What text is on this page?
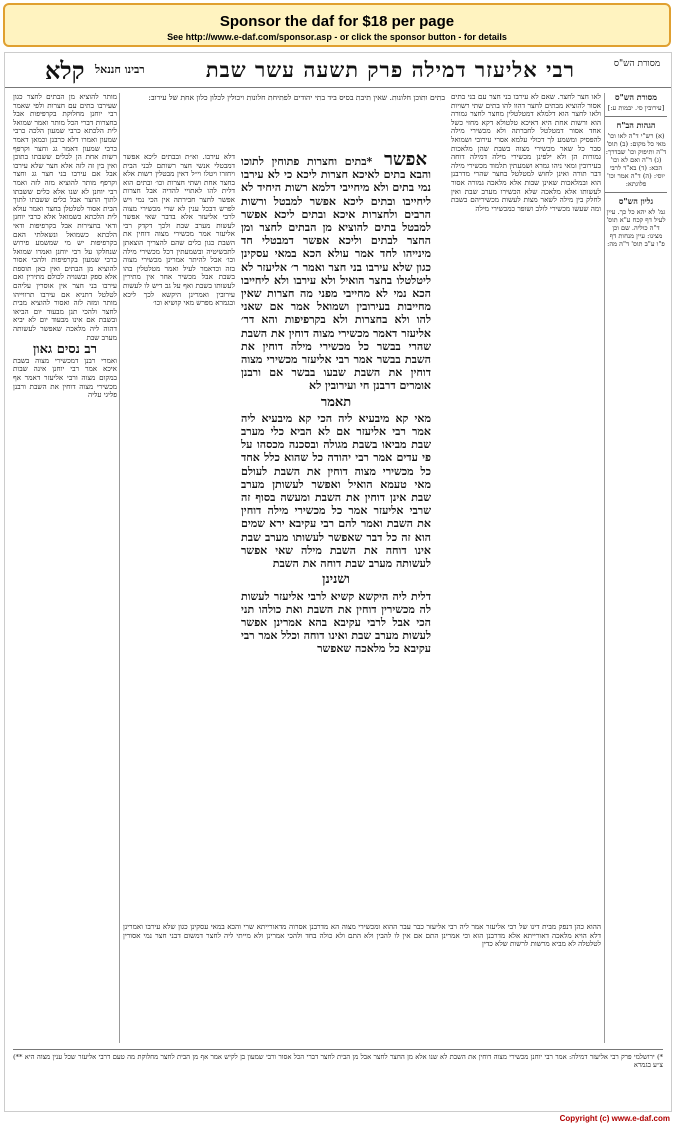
Sponsor the daf for $18 per page
See http://www.e-daf.com/sponsor.asp - or click the sponsor button - for details
מסורת הש"ס
רבי אליעזר דמילה פרק תשעה עשר שבת
רבינו חננאל
קלא
מותר להוציא מן הבתים לחצר כגון שעירבו בתים עם חצרות ולפי שאמר רבי יוחנן מחלוקת בקרפיפות אבל בחצרות דברי הכל מותר ואמר שמואל לית הלכתא כרבי שמעון הלכה כרבי שמעון ואמרו דלא כרבנן וכמאן דאמר כרבי שמעון דאמר גג וחצר וקרפף רשות אחת הן לכלים ששבתו בתוכן ואין בין זה לזה אלא חצר שלא עירבו אבל אם עירבו בני חצר גג וחצר וקרפף מותר להוציא מזה לזה ואמר רבי יוחנן לא שנו אלא כלים ששבתו לתוך החצר אבל כלים ששבתו לתוך הבית אסור לטלטלן בחצר ואמר עולא לית הלכתא כשמואל אלא כרבי יוחנן ודאי בחצירות אבל בקרפיפות ודאי הלכתא כשמואל ונשאלתי האם בקרפיפות יש מי שמשמע פירוש שנחלקו על רבי יוחנן ואמרו שמואל כרבי שמעון בקרפיפות ולהכי אסור להוציא מן הבתים ואין כאן תוספת אלא ספק ובשנויה לכולם מתירין ואם עירבו בני חצר אין אוסרין עליהם לטלטל דתניא אם עירבו תרווייהו מותר ומזה לזה ואסור להוציא מבית לחצר ולהכי תנן מבעוד יום הביאו ובשבת אם אינו מבעוד יום לא יביא דהוה ליה מלאכה שאפשר לעשותה מערב שבת
רב נסים גאון
ואמרי רבנן דמכשירי מצוה בשבת איכא אמר רבי יוחנן אינה שבות במקום מצוה ורבי אליעזר דאמר אף מכשירי מצוה דוחין את השבת ורבנן פליגי עליה
בתים ותוכן חלונות. שאין תיבת בסיס ביד בתי יהודים לפתיחת חלונות ויכולין לכלון כלון אחת של עירוב:
דלא עירבו. וא״ת ובבתים ליכא אפשר דמבטלי אנשי חצר רשותם לבני הבית ויחזרו ויטלו וי״ל דאין מבטלין רשות אלא בחצר אחת ושתי חצרות וכו׳ ובתים הוא דלית להו לאתויי להדיה אבל חצרות אפשר לחצר חבירתה אין הכי נמי ויש לפרש דבכל ענין לא שרי מכשירי מצוה לרבי אליעזר אלא בדבר שאי אפשר לעשות מערב שבת ולכך דקדק רבי אליעזר אמר מכשירי מצוה דוחין את השבת כגון כלים שהם להצריך הוצאתן לתכשיטיה ובשמעתין דכל מכשירי מילה וכו׳ אבל להיתר אמרינן מכשירי מצוה בזה וכדאמר לעיל ואמר מטלטלין בהו בשבת אבל מכשיר אחר אין מתירין לעשותו בשבת ואף על גב דיש לו לעשות עירובין ואמרינן היקשא לכך ליכא ובגמרא מפרש מאי קושיא וכו׳
אפשר *בתים וחצרות פתוחין לתוכו והבא בתים לאיכא חצרות ליכא כי לא עירבו נמי בתים ולא מיחייבי דלמא רשות היחיד לא ליחייבו ובתים ליכא אפשר למבטל ורשות הרבים ולחצרות איכא ובתים ליכא אפשר למבטל בתים להוציא מן הבתים לחצר ומן החצר לבתים וליכא אפשר דמבטלי חד מינייהו לחד אמר עולא הכא במאי עסקינן כגון שלא עירבו בני חצר ואמר ר׳ אליעזר לא ליטלטלו בחצר הואיל ולא עירבו ולא ליחייבו הכא נמי לא מחייבי מפני מה חצרות שאין מחייבות בעירובין ושמואל אמר אם שאני להו ולא בחצרות ולא בקרפיפות והא דר׳ אליעזר דאמר מכשירי מצוה דוחין את השבת שהרי בבשר כל מכשירי מילה דוחין את השבת בבשר אמר רבי אליעזר מכשירי מצוה דוחין את השבת שבעו בבשר אם ורבנן אומרים דרבנן חי ועירובין לא
תאמר
מאי קא מיבעיא ליה הכי קא מיבעיא ליה אמר רבי אליעזר אם לא הביא כלי מערב שבת מביאו בשבת מגולה ובסכנה מכסהו על פי עדים אמר רבי יהודה כל שהוא כלל אחד כל מכשירי מצוה דוחין את השבת לעולם מאי טעמא הואיל ואפשר לעשותן מערב שבת אינן דוחין את השבת ומעשה בסוף זה שרבי אליעזר אמר כל מכשירי מילה דוחין את השבת ואמר להם רבי עקיבא ירא שמים הוא זה כל דבר שאפשר לעשותו מערב שבת אינו דוחה את השבת מילה שאי אפשר לעשותה מערב שבת דוחה את השבת
ושנינן
דלית ליה היקשא קשיא לרבי אליעזר לעשות לה מכשירין דוחין את השבת ואת כולהו תני הכי אבל לרבי עקיבא בהא אמרינן אפשר לעשות מערב שבת ואינו דוחה וכלל אמר רבי עקיבא כל מלאכה שאפשר
לאו חצר לחצר. שאם לא עירבו בני חצר עם בני בתים אסור להוציא מבתים לחצר דהוו להו בתים שתי רשויות ולאו לחצר הוא דלמלא דמטלטלין מחצר לחצר גמורה הוא ורשות אחת היא דאיכא טלטולא דקא מחזי כשל אחד אסור דמטלטל לחברתה ולא מכשירי מילה להפסיק ומשמע לך דכולי עלמא אסרי עירובי ושמואל סבר כל שאר מכשירי מצוה בשבת שהן מלאכות גמורות הן ולא ילפינן מכשירי מילה דמילה דוחה בעירובין ומאי ניהו גמרא ושמעתין תלמוד מכשירי מילה דבר תורה ואינן לחוש למטלטל בחצר שהרי מדרבנן הוא ובמלאכות שאינן שבות אלא מלאכה גמורה אסור לעשותו אלא מלאכה שלא הכשירו מערב שבת ואין לחלק בין מילה לשאר מצות לעשות מכשיריהם בשבת ומה שעשו מכשירי לולב ושופר כמכשירי מילה
מסורת הש"ס
[עירובין סי. יבמות ע:]
הגהות הב"ח
(א) רש"י ד"ה לאו וכו' מאי כל מקום: (ב) תוס' ד"ה ותיפוק וכו' שבדרך: (ג) ד"ה ואם לא וכו' הכא: (ד) בא"ד לרבי יוסי: (ה) ד"ה אמר וכו' פלוגתא:
גליון הש"ס
גמ' לא יהא כל כך. עיין לעיל דף קכח ע"א תוס' ד"ה כוליה. שם וכן מצינו: עיין מנחות דף פ"ו ע"ב תוס' ד"ה מה:
ההוא כהן דנפק מבית דינו של רבי אליעזר אמר ליה רבי אליעזר כבר עבר ההוא ומכשירי מצוה הא מדרבנן אסרוה מדאורייתא שרי והכא במאי עסקינן כגון שלא עירבו ואמרינן דלא הויא מלאכה דאורייתא אלא מדרבנן הוא וכי אמרינן התם אם אין לו להבין ולא התם ולא כולה בחד ולהכי אמרינן ולא מייתי ליה לחצר דמשום דבני חצר נמי אסורין לטלטלה לא מביא מרשות לרשות שלא כדין
*) ירושלמי פרק רבי אליעזר דמילה: אמר רבי יוחנן מכשירי מצוה דוחין את השבת לא שנו אלא מן החצר לחצר אבל מן הבית לחצר דברי הכל אסור ורבי שמעון בן לקיש אמר אף מן הבית לחצר מחלוקת מה טעם דרבי אליעזר שכל ענין מצוה היא **) צ״ע בגמרא
Copyright (c) www.e-daf.com
